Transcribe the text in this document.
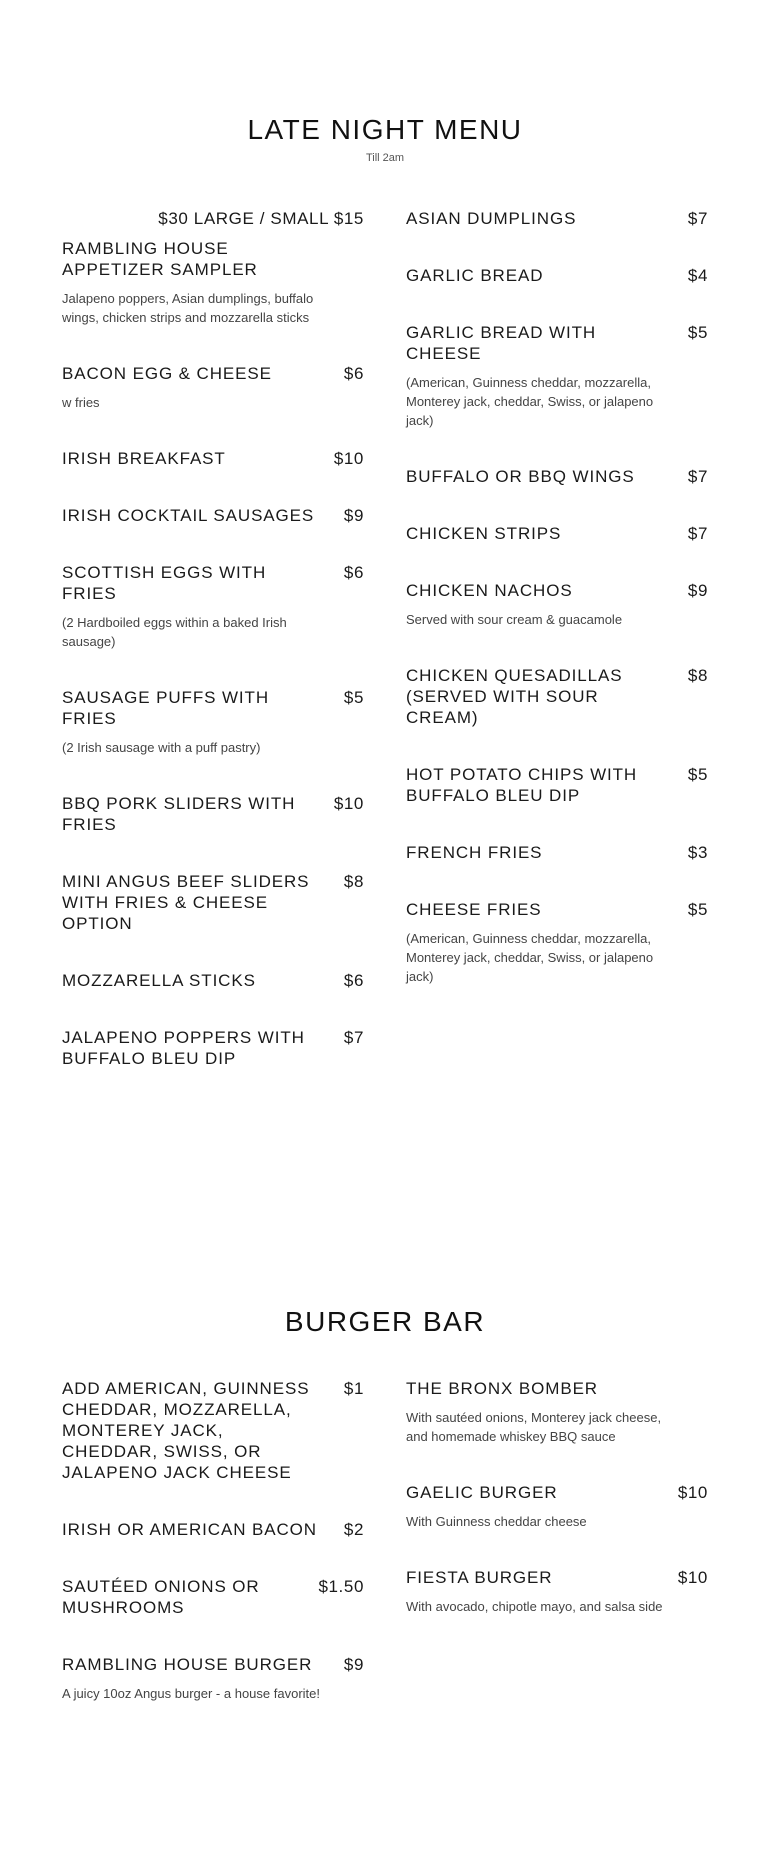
LATE NIGHT MENU
Till 2am
$30 LARGE / SMALL $15
RAMBLING HOUSE APPETIZER SAMPLER
Jalapeno poppers, Asian dumplings, buffalo wings, chicken strips and mozzarella sticks
BACON EGG & CHEESE	$6
w fries
IRISH BREAKFAST	$10
IRISH COCKTAIL SAUSAGES	$9
SCOTTISH EGGS WITH FRIES
$6
(2 Hardboiled eggs within a baked Irish sausage)
SAUSAGE PUFFS WITH FRIES
$5
(2 Irish sausage with a puff pastry)
BBQ PORK SLIDERS WITH FRIES
$10
MINI ANGUS BEEF SLIDERS WITH FRIES & CHEESE OPTION
$8
MOZZARELLA STICKS	$6
JALAPENO POPPERS WITH BUFFALO BLEU DIP
$7
ASIAN DUMPLINGS	$7
GARLIC BREAD	$4
GARLIC BREAD WITH CHEESE
$5
(American, Guinness cheddar, mozzarella, Monterey jack, cheddar, Swiss, or jalapeno jack)
BUFFALO OR BBQ WINGS	$7
CHICKEN STRIPS	$7
CHICKEN NACHOS	$9
Served with sour cream & guacamole
CHICKEN QUESADILLAS (SERVED WITH SOUR CREAM)
$8
HOT POTATO CHIPS WITH BUFFALO BLEU DIP
$5
FRENCH FRIES	$3
CHEESE FRIES	$5
(American, Guinness cheddar, mozzarella, Monterey jack, cheddar, Swiss, or jalapeno jack)
BURGER BAR
ADD AMERICAN, GUINNESS CHEDDAR, MOZZARELLA, MONTEREY JACK, CHEDDAR, SWISS, OR JALAPENO JACK CHEESE
$1
IRISH OR AMERICAN BACON	$2
SAUTÉED ONIONS OR MUSHROOMS
$1.50
RAMBLING HOUSE BURGER	$9
A juicy 10oz Angus burger - a house favorite!
THE BRONX BOMBER
With sautéed onions, Monterey jack cheese, and homemade whiskey BBQ sauce
GAELIC BURGER	$10
With Guinness cheddar cheese
FIESTA BURGER	$10
With avocado, chipotle mayo, and salsa side
